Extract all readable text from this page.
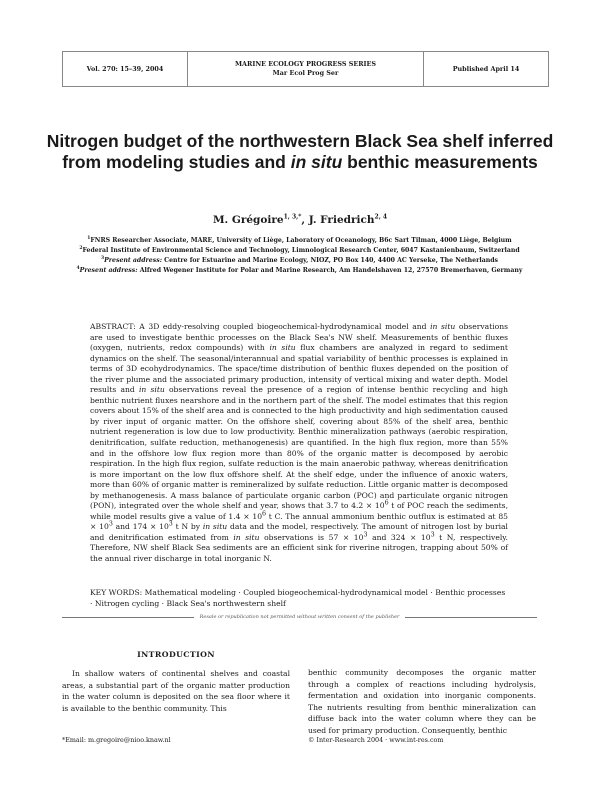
Vol. 270: 15–39, 2004
MARINE ECOLOGY PROGRESS SERIES
Mar Ecol Prog Ser
Published April 14
Nitrogen budget of the northwestern Black Sea shelf inferred from modeling studies and in situ benthic measurements
M. Grégoire$^{1, 3,*}$, J. Friedrich$^{2, 4}$
$^1$FNRS Researcher Associate, MARE, University of Liège, Laboratory of Oceanology, B6c Sart Tilman, 4000 Liège, Belgium
$^2$Federal Institute of Environmental Science and Technology, Limnological Research Center, 6047 Kastanienbaum, Switzerland
$^3$Present address: Centre for Estuarine and Marine Ecology, NIOZ, PO Box 140, 4400 AC Yerseke, The Netherlands
$^4$Present address: Alfred Wegener Institute for Polar and Marine Research, Am Handelshaven 12, 27570 Bremerhaven, Germany

ABSTRACT: A 3D eddy-resolving coupled biogeochemical-hydrodynamical model and in situ observations are used to investigate benthic processes on the Black Sea's NW shelf. Measurements of benthic fluxes (oxygen, nutrients, redox compounds) with in situ flux chambers are analyzed in regard to sediment dynamics on the shelf. The seasonal/interannual and spatial variability of benthic processes is explained in terms of 3D ecohydrodynamics. The space/time distribution of benthic fluxes depended on the position of the river plume and the associated primary production, intensity of vertical mixing and water depth. Model results and in situ observations reveal the presence of a region of intense benthic recycling and high benthic nutrient fluxes nearshore and in the northern part of the shelf. The model estimates that this region covers about 15% of the shelf area and is connected to the high productivity and high sedimentation caused by river input of organic matter. On the offshore shelf, covering about 85% of the shelf area, benthic nutrient regeneration is low due to low productivity. Benthic mineralization pathways (aerobic respiration, denitrification, sulfate reduction, methanogenesis) are quantified. In the high flux region, more than 55% and in the offshore low flux region more than 80% of the organic matter is decomposed by aerobic respiration. In the high flux region, sulfate reduction is the main anaerobic pathway, whereas denitrification is more important on the low flux offshore shelf. At the shelf edge, under the influence of anoxic waters, more than 60% of organic matter is remineralized by sulfate reduction. Little organic matter is decomposed by methanogenesis. A mass balance of particulate organic carbon (POC) and particulate organic nitrogen (PON), integrated over the whole shelf and year, shows that 3.7 to $4.2 \times 10^6$ t of POC reach the sediments, while model results give a value of $1.4 \times 10^6$ t C. The annual ammonium benthic outflux is estimated at $85 \times 10^3$ and $174 \times 10^3$ t N by in situ data and the model, respectively. The amount of nitrogen lost by burial and denitrification estimated from in situ observations is $57 \times 10^3$ and $324 \times 10^3$ t N, respectively. Therefore, NW shelf Black Sea sediments are an efficient sink for riverine nitrogen, trapping about 50% of the annual river discharge in total inorganic N.

KEY WORDS: Mathematical modeling · Coupled biogeochemical-hydrodynamical model · Benthic processes · Nitrogen cycling · Black Sea's northwestern shelf

Resale or republication not permitted without written consent of the publisher
INTRODUCTION

In shallow waters of continental shelves and coastal areas, a substantial part of the organic matter production in the water column is deposited on the sea floor where it is available to the benthic community. This

benthic community decomposes the organic matter through a complex of reactions including hydrolysis, fermentation and oxidation into inorganic components. The nutrients resulting from benthic mineralization can diffuse back into the water column where they can be used for primary production. Consequently, benthic

*Email: m.gregoire@nioo.knaw.nl	© Inter-Research 2004 · www.int-res.com
